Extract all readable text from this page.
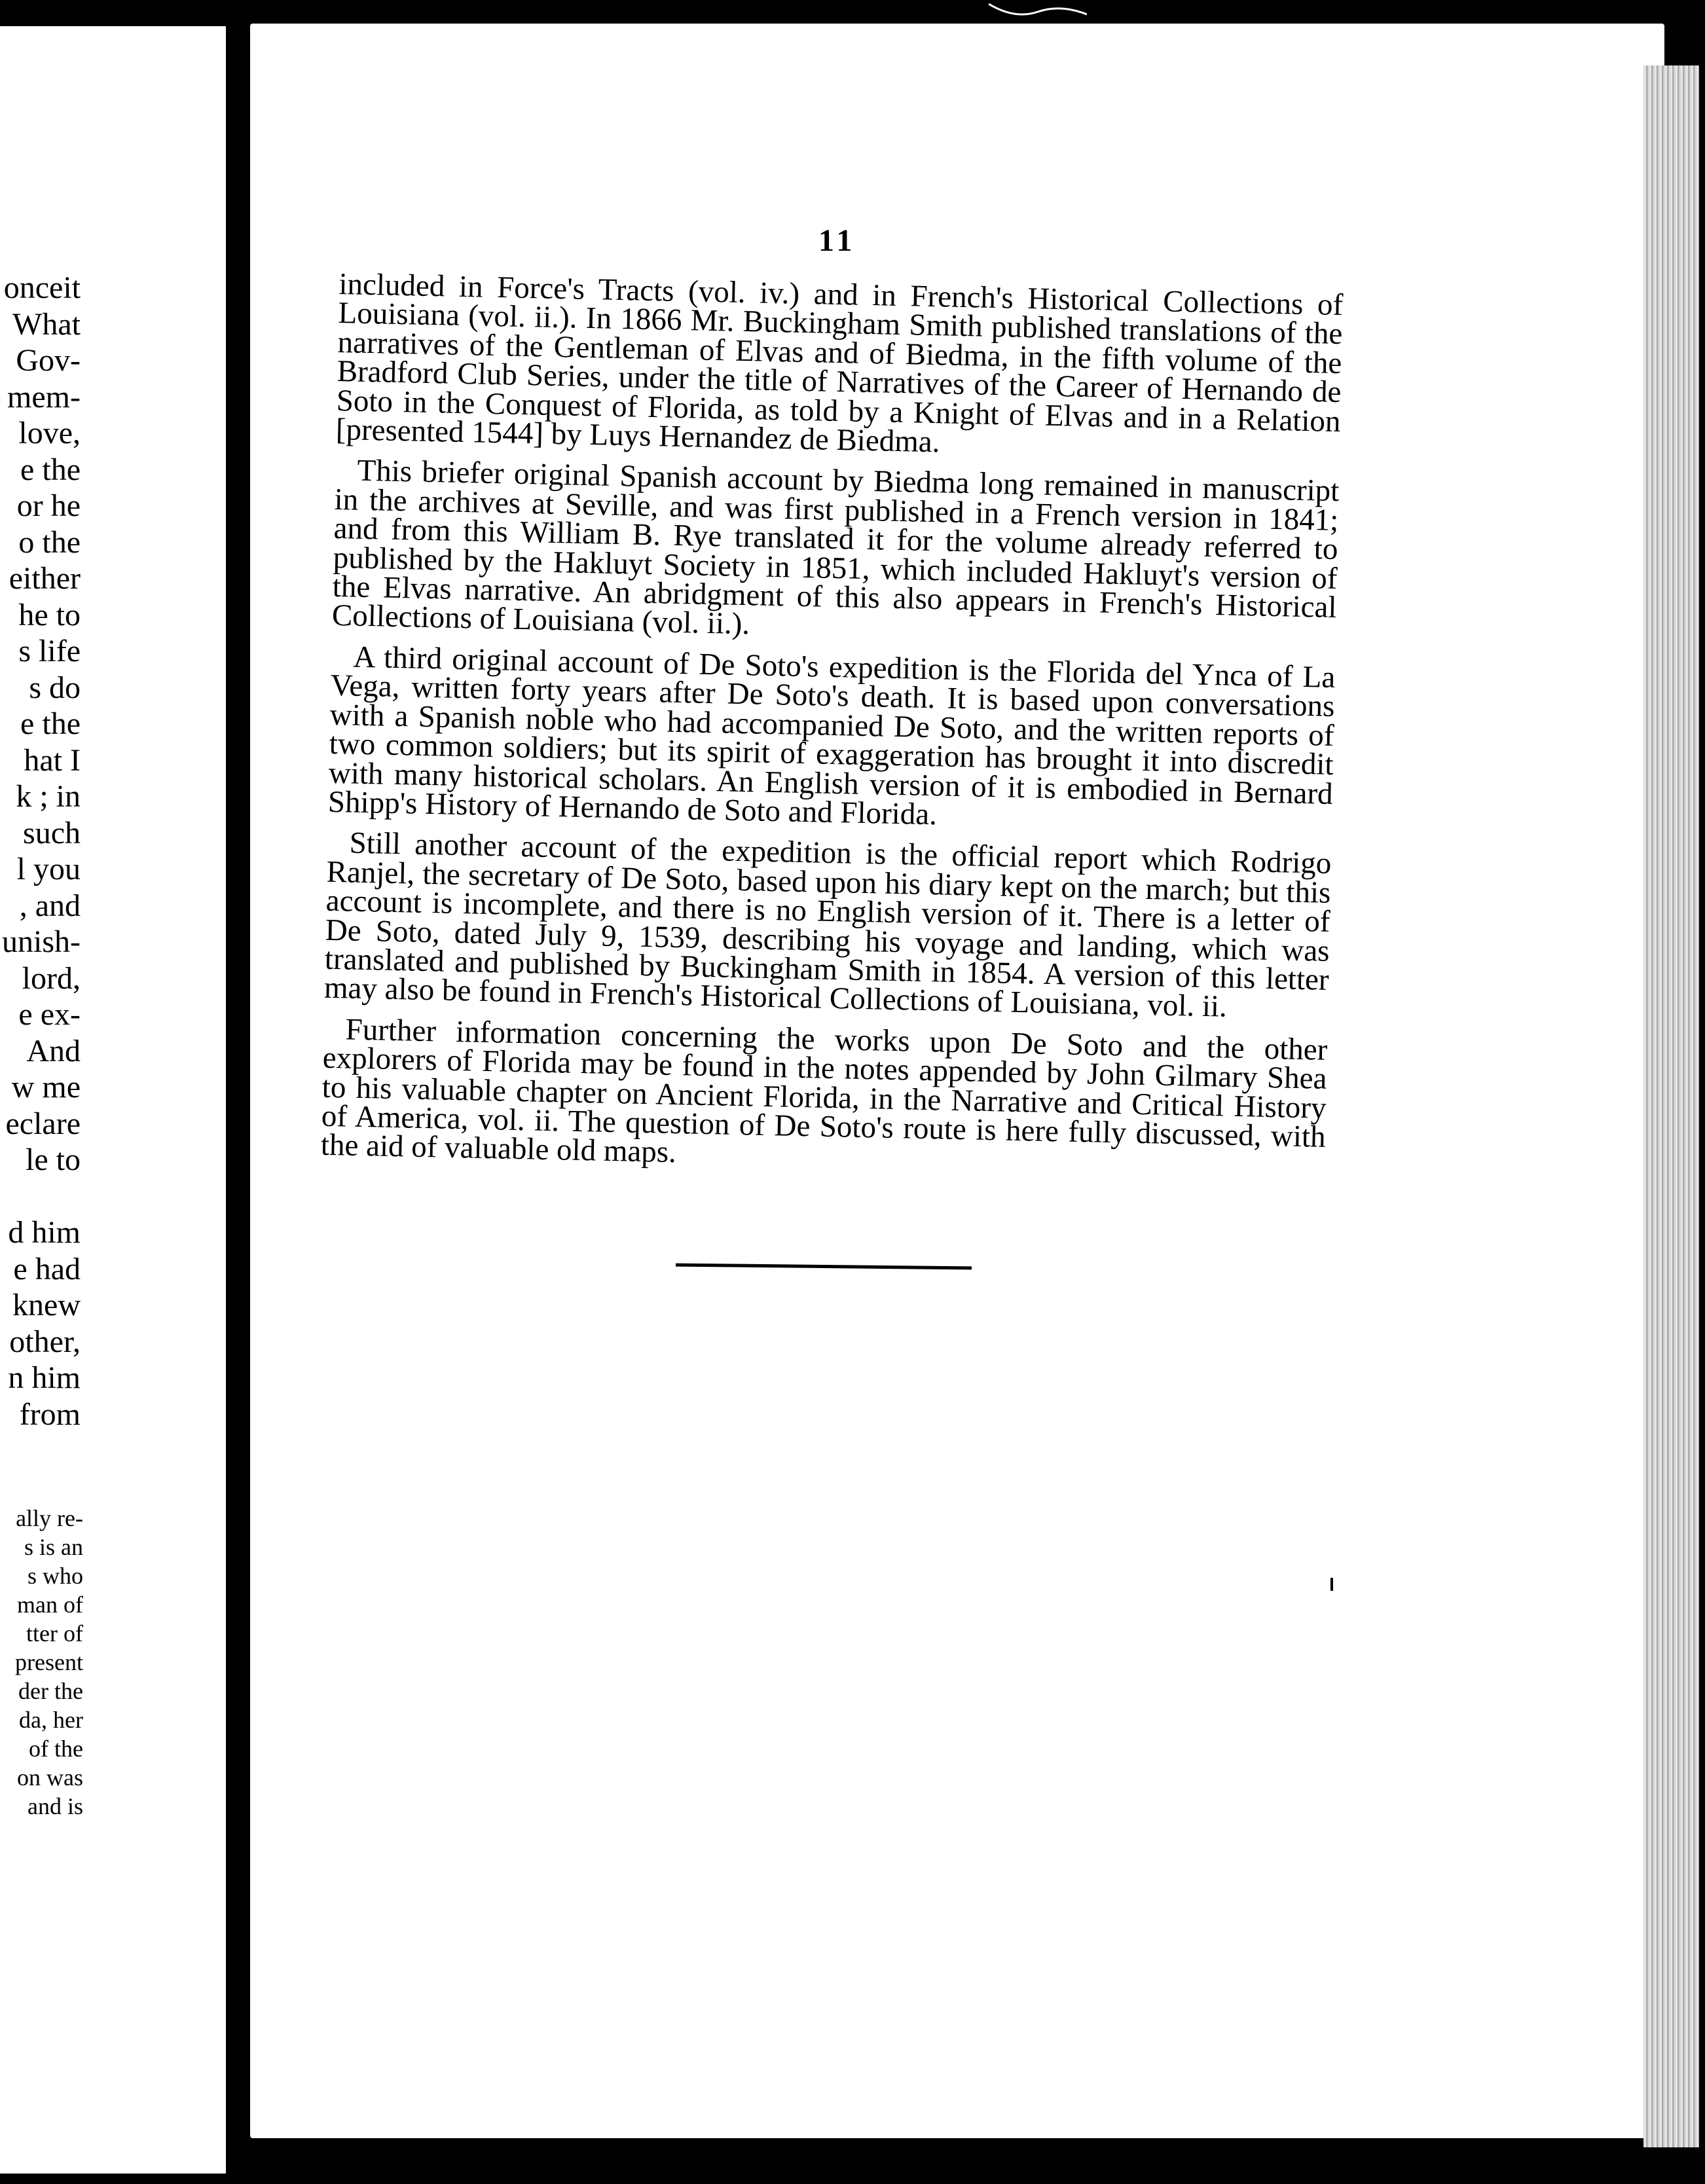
onceit
What
Gov-
mem-
love,
e the
or he
o the
either
he to
s life
s do
e the
hat I
k ; in
such
l you
, and
unish-
lord,
e ex-
And
w me
eclare
le to
d him
e had
knew
other,
n him
from
ally re-
s is an
s who
man of
tter of
present
der the
da, her
of the
on was
and is
11

included in Force's Tracts (vol. iv.) and in French's Historical Collections of Louisiana (vol. ii.). In 1866 Mr. Buckingham Smith published translations of the narratives of the Gentleman of Elvas and of Biedma, in the fifth volume of the Bradford Club Series, under the title of Narratives of the Career of Hernando de Soto in the Conquest of Florida, as told by a Knight of Elvas and in a Relation [presented 1544] by Luys Hernandez de Biedma.

This briefer original Spanish account by Biedma long remained in manuscript in the archives at Seville, and was first published in a French version in 1841; and from this William B. Rye translated it for the volume already referred to published by the Hakluyt Society in 1851, which included Hakluyt's version of the Elvas narrative. An abridgment of this also appears in French's Historical Collections of Louisiana (vol. ii.).

A third original account of De Soto's expedition is the Florida del Ynca of La Vega, written forty years after De Soto's death. It is based upon conversations with a Spanish noble who had accompanied De Soto, and the written reports of two common soldiers; but its spirit of exaggeration has brought it into discredit with many historical scholars. An English version of it is embodied in Bernard Shipp's History of Hernando de Soto and Florida.

Still another account of the expedition is the official report which Rodrigo Ranjel, the secretary of De Soto, based upon his diary kept on the march; but this account is incomplete, and there is no English version of it. There is a letter of De Soto, dated July 9, 1539, describing his voyage and landing, which was translated and published by Buckingham Smith in 1854. A version of this letter may also be found in French's Historical Collections of Louisiana, vol. ii.

Further information concerning the works upon De Soto and the other explorers of Florida may be found in the notes appended by John Gilmary Shea to his valuable chapter on Ancient Florida, in the Narrative and Critical History of America, vol. ii. The question of De Soto's route is here fully discussed, with the aid of valuable old maps.
